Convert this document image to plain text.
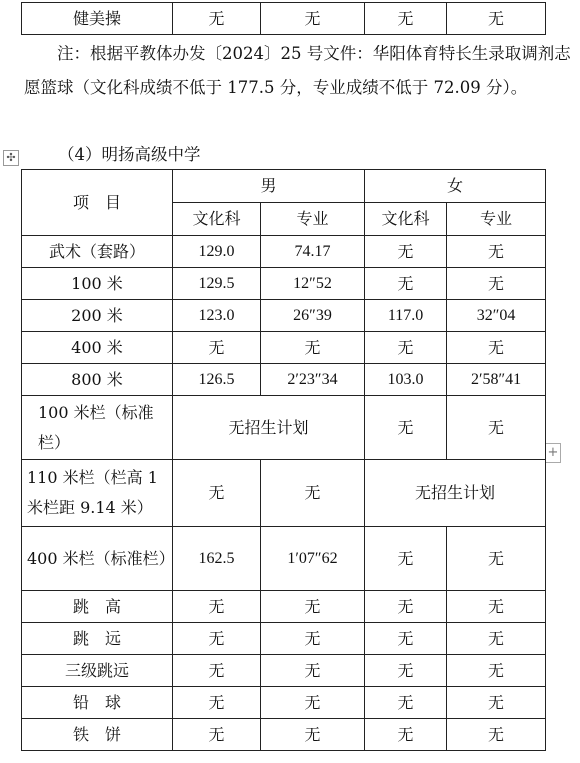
健美操	无	无	无	无
注：根据平教体办发〔2024〕25 号文件：华阳体育特长生录取调剂志愿篮球（文化科成绩不低于 177.5 分，专业成绩不低于 72.09 分）。
（4）明扬高级中学
✣
+
项　目	男		女	
	文化科	专业	文化科	专业
武术（套路）	129.0	74.17	无	无
100 米	129.5	12″52	无	无
200 米	123.0	26″39	117.0	32″04
400 米	无	无	无	无
800 米	126.5	2′23″34	103.0	2′58″41
100 米栏（标准栏）	无招生计划		无	无
110 米栏（栏高 1 米栏距 9.14 米）	无	无	无招生计划	
400 米栏（标准栏）	162.5	1′07″62	无	无
跳　高	无	无	无	无
跳　远	无	无	无	无
三级跳远	无	无	无	无
铅　球	无	无	无	无
铁　饼	无	无	无	无
